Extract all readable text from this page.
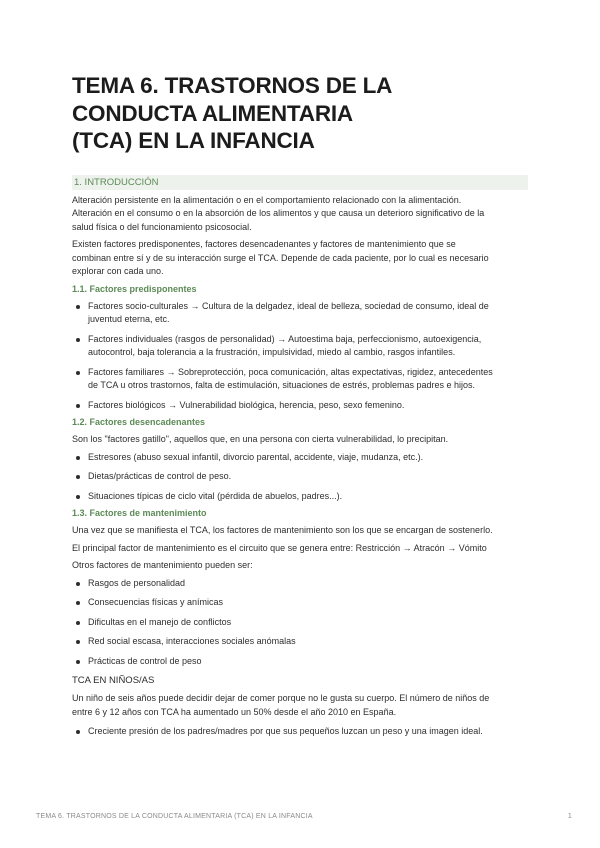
TEMA 6. TRASTORNOS DE LA
CONDUCTA ALIMENTARIA
(TCA) EN LA INFANCIA
1. INTRODUCCIÓN

Alteración persistente en la alimentación o en el comportamiento relacionado con la alimentación.
Alteración en el consumo o en la absorción de los alimentos y que causa un deterioro significativo de la
salud física o del funcionamiento psicosocial.

Existen factores predisponentes, factores desencadenantes y factores de mantenimiento que se
combinan entre sí y de su interacción surge el TCA. Depende de cada paciente, por lo cual es necesario
explorar con cada uno.

1.1. Factores predisponentes
Factores socio-culturales → Cultura de la delgadez, ideal de belleza, sociedad de consumo, ideal de
juventud eterna, etc.
Factores individuales (rasgos de personalidad) → Autoestima baja, perfeccionismo, autoexigencia,
autocontrol, baja tolerancia a la frustración, impulsividad, miedo al cambio, rasgos infantiles.
Factores familiares → Sobreprotección, poca comunicación, altas expectativas, rigidez, antecedentes
de TCA u otros trastornos, falta de estimulación, situaciones de estrés, problemas padres e hijos.
Factores biológicos → Vulnerabilidad biológica, herencia, peso, sexo femenino.
1.2. Factores desencadenantes

Son los "factores gatillo", aquellos que, en una persona con cierta vulnerabilidad, lo precipitan.

Estresores (abuso sexual infantil, divorcio parental, accidente, viaje, mudanza, etc.).
Dietas/prácticas de control de peso.
Situaciones típicas de ciclo vital (pérdida de abuelos, padres...).
1.3. Factores de mantenimiento

Una vez que se manifiesta el TCA, los factores de mantenimiento son los que se encargan de sostenerlo.

El principal factor de mantenimiento es el circuito que se genera entre: Restricción → Atracón → Vómito

Otros factores de mantenimiento pueden ser:

Rasgos de personalidad
Consecuencias físicas y anímicas
Dificultas en el manejo de conflictos
Red social escasa, interacciones sociales anómalas
Prácticas de control de peso
TCA EN NIÑOS/AS

Un niño de seis años puede decidir dejar de comer porque no le gusta su cuerpo. El número de niños de
entre 6 y 12 años con TCA ha aumentado un 50% desde el año 2010 en España.

Creciente presión de los padres/madres por que sus pequeños luzcan un peso y una imagen ideal.
TEMA 6. TRASTORNOS DE LA CONDUCTA ALIMENTARIA (TCA) EN LA INFANCIA	1
